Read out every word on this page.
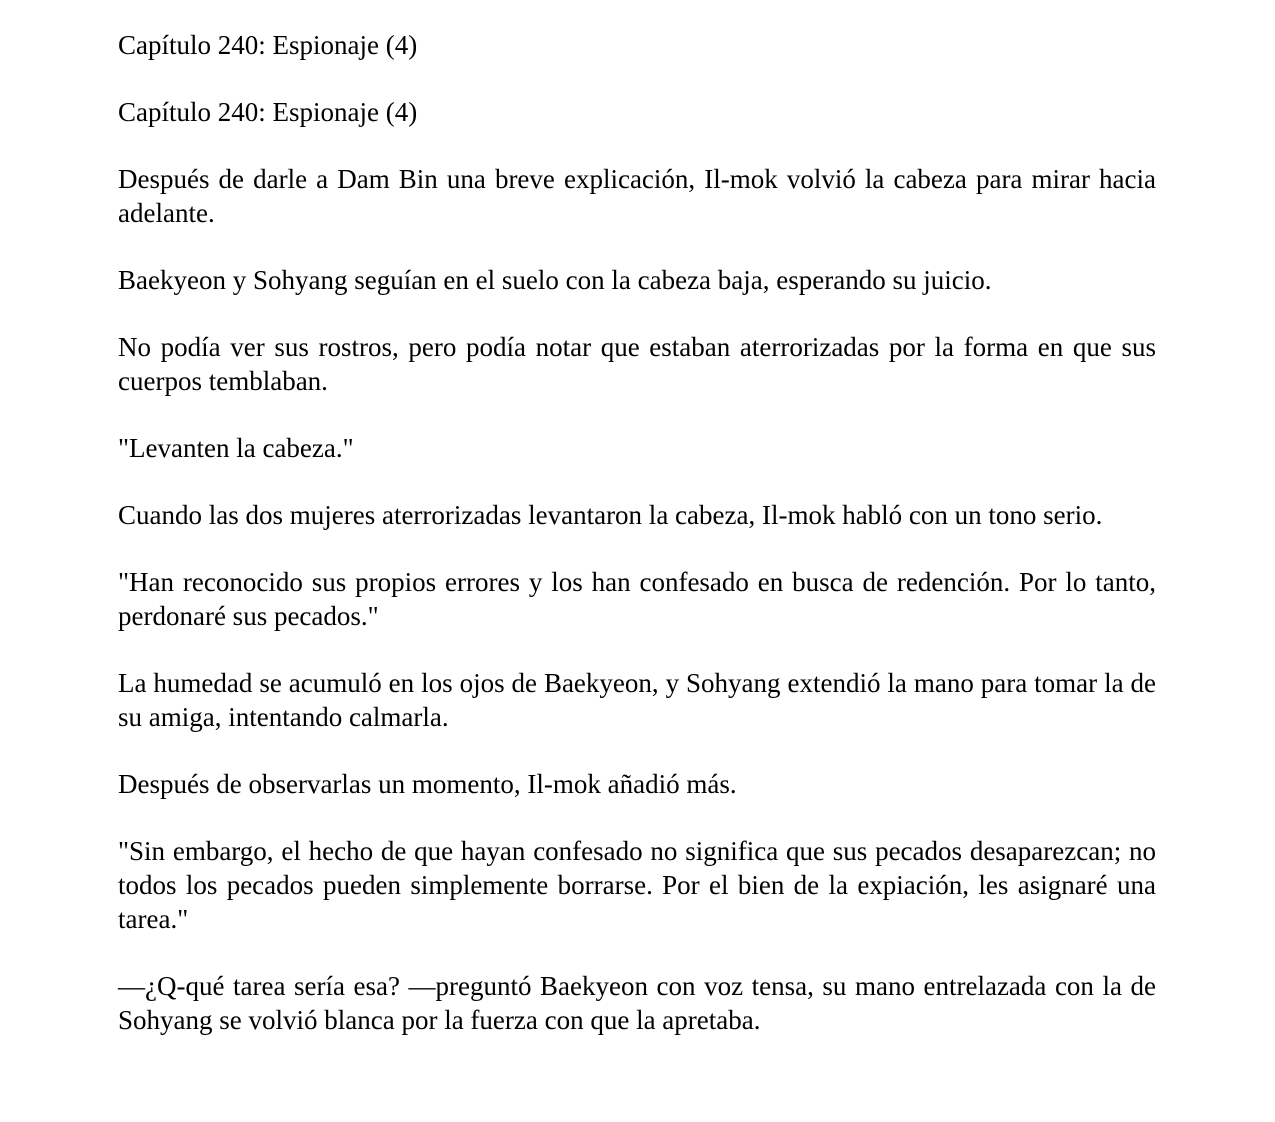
Capítulo 240: Espionaje (4)

Capítulo 240: Espionaje (4)

Después de darle a Dam Bin una breve explicación, Il-mok volvió la cabeza para mirar hacia adelante.

Baekyeon y Sohyang seguían en el suelo con la cabeza baja, esperando su juicio.

No podía ver sus rostros, pero podía notar que estaban aterrorizadas por la forma en que sus cuerpos temblaban.

"Levanten la cabeza."

Cuando las dos mujeres aterrorizadas levantaron la cabeza, Il-mok habló con un tono serio.

"Han reconocido sus propios errores y los han confesado en busca de redención. Por lo tanto, perdonaré sus pecados."

La humedad se acumuló en los ojos de Baekyeon, y Sohyang extendió la mano para tomar la de su amiga, intentando calmarla.

Después de observarlas un momento, Il-mok añadió más.

"Sin embargo, el hecho de que hayan confesado no significa que sus pecados desaparezcan; no todos los pecados pueden simplemente borrarse. Por el bien de la expiación, les asignaré una tarea."

—¿Q-qué tarea sería esa? —preguntó Baekyeon con voz tensa, su mano entrelazada con la de Sohyang se volvió blanca por la fuerza con que la apretaba.
